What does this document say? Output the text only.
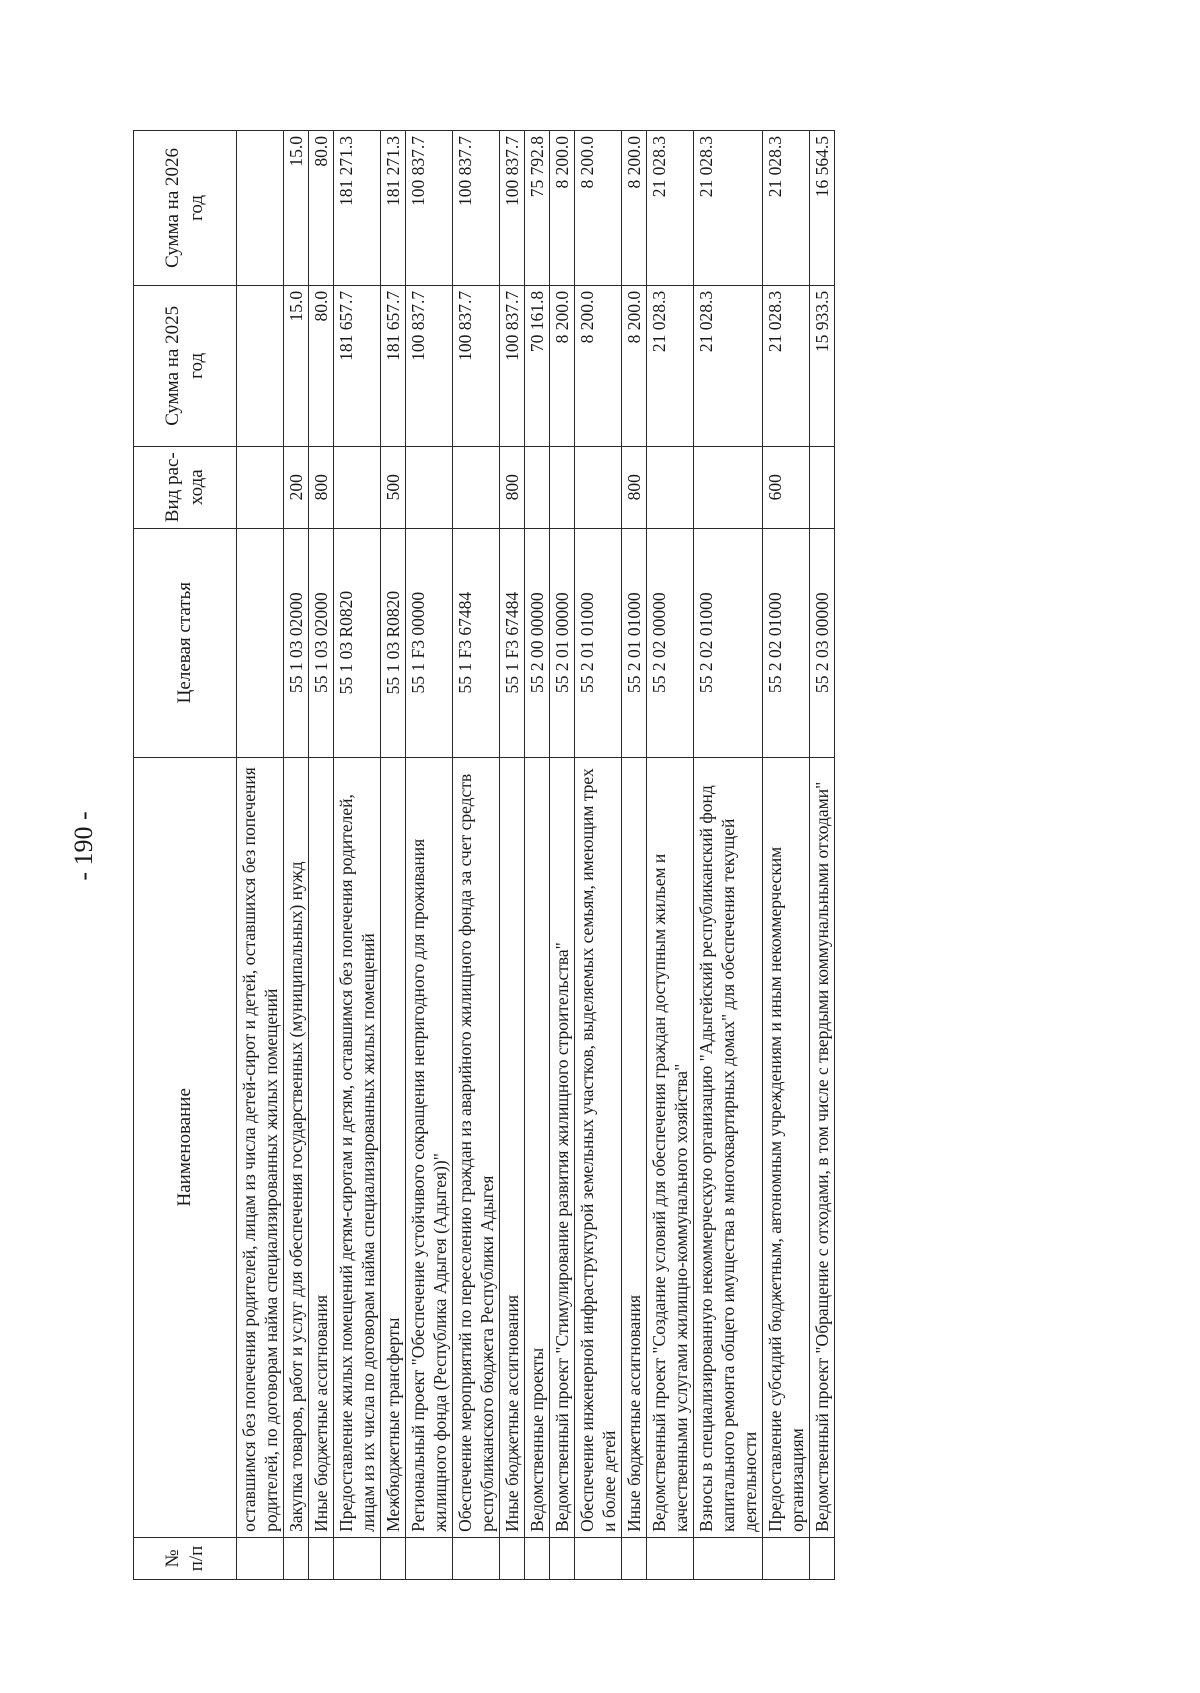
- 190 -
№ п/п	Наименование	Целевая статья	Вид рас-хода	Сумма на 2025 год	Сумма на 2026 год
	оставшимся без попечения родителей, лицам из числа детей-сирот и детей, оставшихся без попечения родителей, по договорам найма специализированных жилых помещений				
	Закупка товаров, работ и услуг для обеспечения государственных (муниципальных) нужд	55 1 03 02000	200	15.0	15.0
	Иные бюджетные ассигнования	55 1 03 02000	800	80.0	80.0
	Предоставление жилых помещений детям-сиротам и детям, оставшимся без попечения родителей, лицам из их числа по договорам найма специализированных жилых помещений	55 1 03 R0820		181 657.7	181 271.3
	Межбюджетные трансферты	55 1 03 R0820	500	181 657.7	181 271.3
	Региональный проект "Обеспечение устойчивого сокращения непригодного для проживания жилищного фонда (Республика Адыгея (Адыгея))"	55 1 F3 00000		100 837.7	100 837.7
	Обеспечение мероприятий по переселению граждан из аварийного жилищного фонда за счет средств республиканского бюджета Республики Адыгея	55 1 F3 67484		100 837.7	100 837.7
	Иные бюджетные ассигнования	55 1 F3 67484	800	100 837.7	100 837.7
	Ведомственные проекты	55 2 00 00000		70 161.8	75 792.8
	Ведомственный проект "Стимулирование развития жилищного строительства"	55 2 01 00000		8 200.0	8 200.0
	Обеспечение инженерной инфраструктурой земельных участков, выделяемых семьям, имеющим трех и более детей	55 2 01 01000		8 200.0	8 200.0
	Иные бюджетные ассигнования	55 2 01 01000	800	8 200.0	8 200.0
	Ведомственный проект "Создание условий для обеспечения граждан доступным жильем и качественными услугами жилищно-коммунального хозяйства"	55 2 02 00000		21 028.3	21 028.3
	Взносы в специализированную некоммерческую организацию "Адыгейский республиканский фонд капитального ремонта общего имущества в многоквартирных домах" для обеспечения текущей деятельности	55 2 02 01000		21 028.3	21 028.3
	Предоставление субсидий бюджетным, автономным учреждениям и иным некоммерческим организациям	55 2 02 01000	600	21 028.3	21 028.3
	Ведомственный проект "Обращение с отходами, в том числе с твердыми коммунальными отходами"	55 2 03 00000		15 933.5	16 564.5
